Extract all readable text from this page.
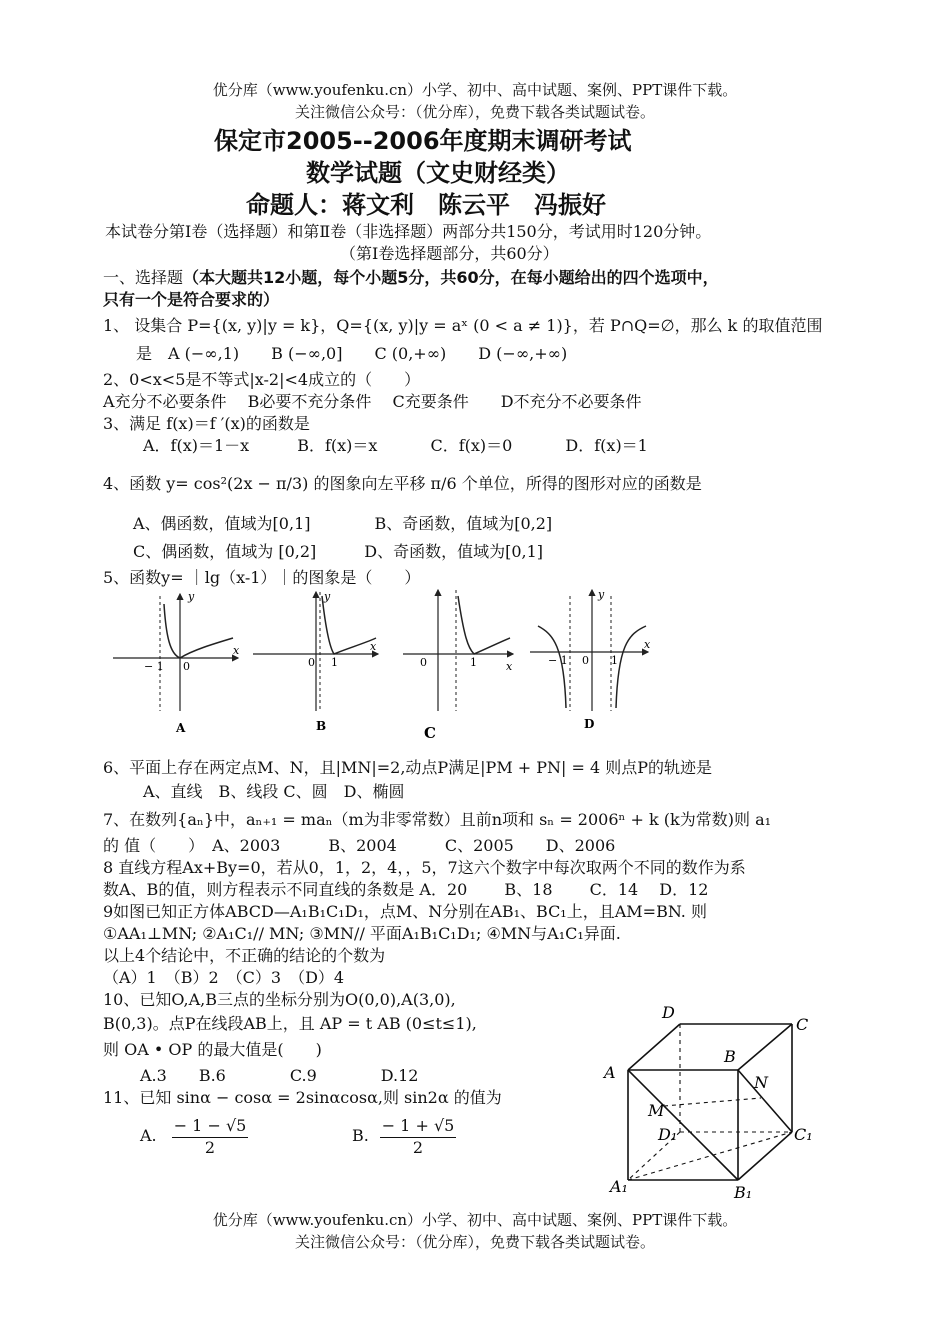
优分库（www.youfenku.cn）小学、初中、高中试题、案例、PPT课件下载。
关注微信公众号：（优分库），免费下载各类试题试卷。
保定市2005--2006年度期末调研考试
数学试题（文史财经类）
命题人：蒋文利　陈云平　冯振好
本试卷分第Ⅰ卷（选择题）和第Ⅱ卷（非选择题）两部分共150分，考试用时120分钟。
（第Ⅰ卷选择题部分，共60分）
一、选择题（本大题共12小题，每个小题5分，共60分，在每小题给出的四个选项中，
只有一个是符合要求的）
1、 设集合 P={(x, y)|y = k}，Q={(x, y)|y = aˣ (0 < a ≠ 1)}，若 P∩Q=∅，那么 k 的取值范围
是　A (−∞,1)　　B (−∞,0]　　C (0,+∞)　　D (−∞,+∞)
2、0<x<5是不等式|x-2|<4成立的（　　）
A充分不必要条件　 B必要不充分条件　 C充要条件　　D不充分不必要条件
3、满足 f(x)＝f ′(x)的函数是
A．f(x)＝1－x　　　B．f(x)＝x　　　 C．f(x)＝0　　　 D．f(x)＝1
4、函数 y= cos²(2x − π/3) 的图象向左平移 π/6 个单位，所得的图形对应的函数是
A、偶函数，值域为[0,1]　　　　B、奇函数，值域为[0,2]
C、偶函数，值域为 [0,2]　　　D、奇函数，值域为[0,1]
5、函数y= ｜lg（x-1）｜的图象是（　　）
y
x
− 1 0
A
y
x
0 1
B
0	1	x
C
y
x
− 1 0 1
D
6、平面上存在两定点M、N，且|MN|=2,动点P满足|PM + PN| = 4 则点P的轨迹是
A、直线　B、线段 C、圆　D、椭圆
7、在数列{aₙ}中，aₙ₊₁ = maₙ（m为非零常数）且前n项和 sₙ = 2006ⁿ + k (k为常数)则 a₁
的 值（　　）　A、2003　　　B、2004　　　C、2005　　D、2006
8 直线方程Ax+By=0，若从0，1，2，4，，5，7这六个数字中每次取两个不同的数作为系
数A、B的值，则方程表示不同直线的条数是 A．20　　 B、18　　 C．14　 D．12
9如图已知正方体ABCD—A₁B₁C₁D₁，点M、N分别在AB₁、BC₁上，且AM=BN. 则
①AA₁⊥MN; ②A₁C₁// MN; ③MN// 平面A₁B₁C₁D₁; ④MN与A₁C₁异面.
以上4个结论中，不正确的结论的个数为
（A）1　（B）2　（C）3　（D）4
10、已知O,A,B三点的坐标分别为O(0,0),A(3,0),
B(0,3)。点P在线段AB上，且 AP = t AB (0≤t≤1),
则 OA • OP 的最大值是(　　)
A.3　　B.6　　　　C.9　　　　D.12
11、已知 sinα − cosα = 2sinαcosα,则 sin2α 的值为
A. $\frac{- 1 - √5}{2}$	B. $\frac{- 1 + √5}{2}$
D
C
A
B
N
M
D₁	C₁
A₁	B₁
优分库（www.youfenku.cn）小学、初中、高中试题、案例、PPT课件下载。
关注微信公众号：（优分库），免费下载各类试题试卷。
